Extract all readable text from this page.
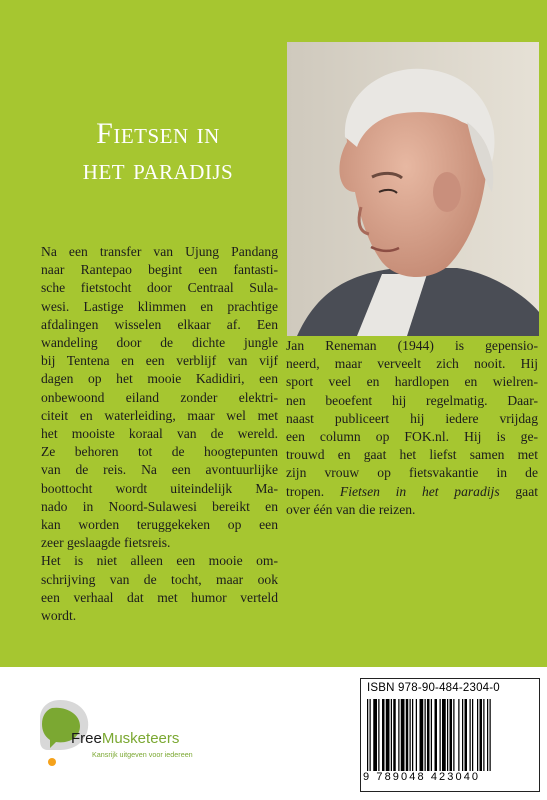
Fietsen in
het paradijs
Na een transfer van Ujung Pandang
naar Rantepao begint een fantasti-
sche fietstocht door Centraal Sula-
wesi. Lastige klimmen en prachtige
afdalingen wisselen elkaar af. Een
wandeling door de dichte jungle
bij Tentena en een verblijf van vijf
dagen op het mooie Kadidiri, een
onbewoond eiland zonder elektri-
citeit en waterleiding, maar wel met
het mooiste koraal van de wereld.
Ze behoren tot de hoogtepunten
van de reis. Na een avontuurlijke
boottocht wordt uiteindelijk Ma-
nado in Noord-Sulawesi bereikt en
kan worden teruggekeken op een
zeer geslaagde fietsreis.
Het is niet alleen een mooie om-
schrijving van de tocht, maar ook
een verhaal dat met humor verteld
wordt.
Jan Reneman (1944) is gepensio-
neerd, maar verveelt zich nooit. Hij
sport veel en hardlopen en wielren-
nen beoefent hij regelmatig. Daar-
naast publiceert hij iedere vrijdag
een column op FOK.nl. Hij is ge-
trouwd en gaat het liefst samen met
zijn vrouw op fietsvakantie in de
tropen. Fietsen in het paradijs gaat
over één van die reizen.
FreeMusketeers
Kansrijk uitgeven voor iedereen
ISBN 978-90-484-2304-0
9 789048 423040
